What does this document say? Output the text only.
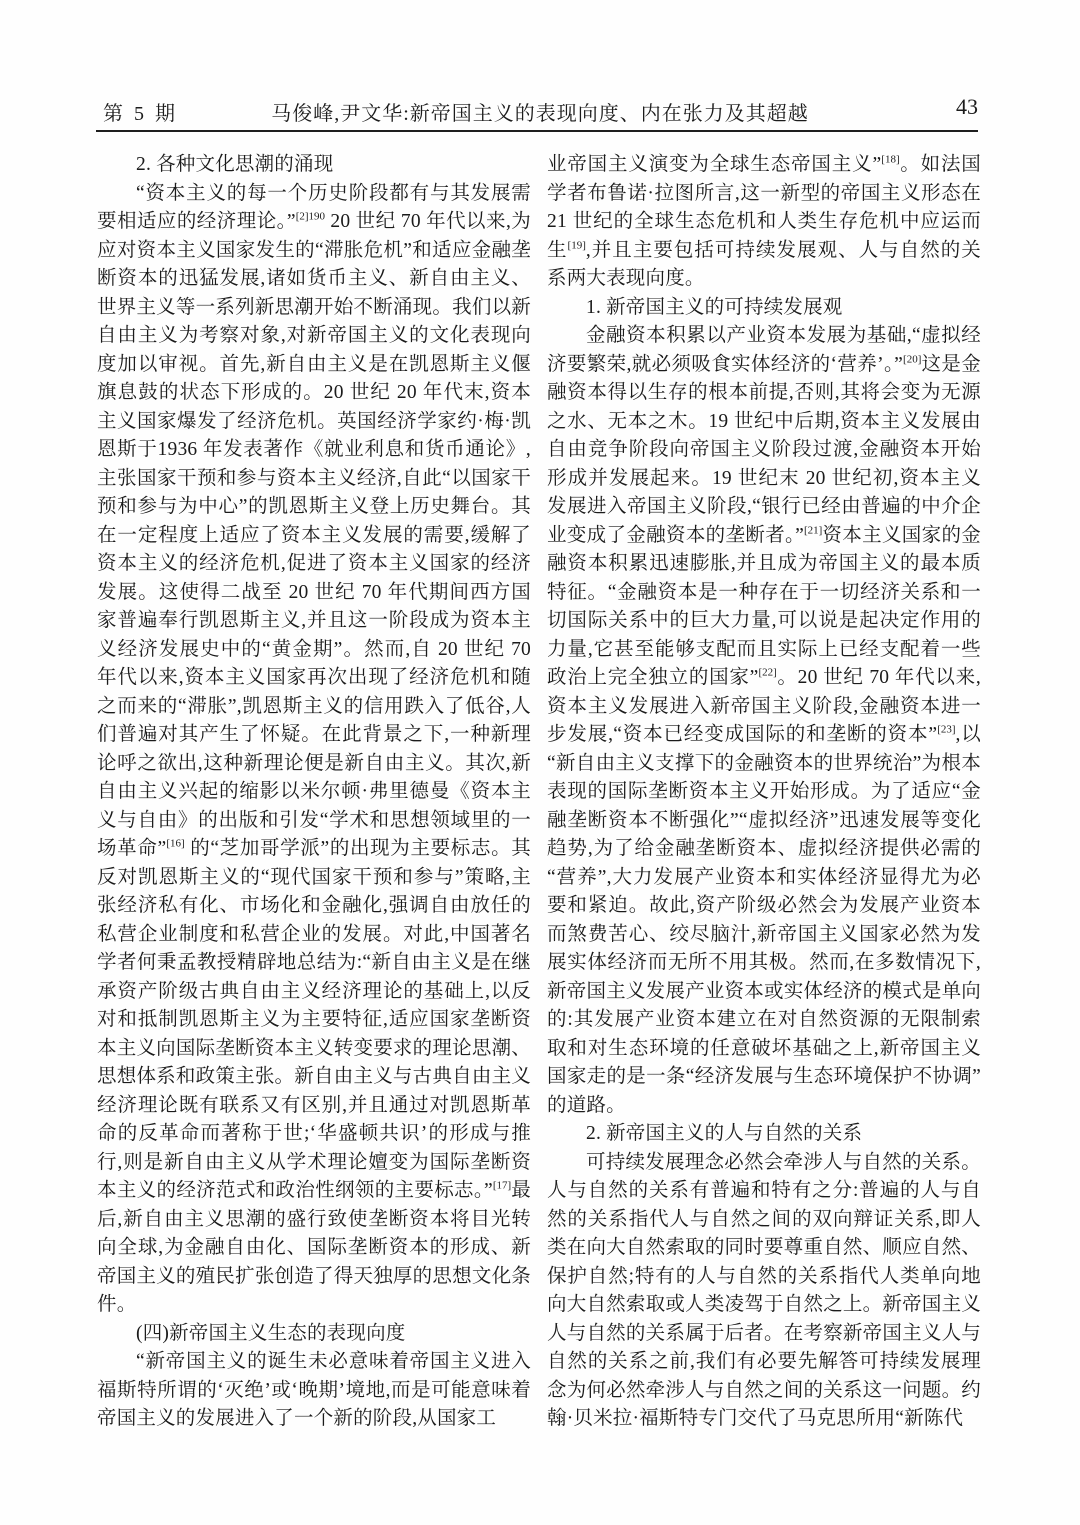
第 5 期	马俊峰,尹文华:新帝国主义的表现向度、内在张力及其超越	43

2. 各种文化思潮的涌现

“资本主义的每一个历史阶段都有与其发展需要相适应的经济理论。”$^{[2]190}$ 20 世纪 70 年代以来,为应对资本主义国家发生的“滞胀危机”和适应金融垄断资本的迅猛发展,诸如货币主义、新自由主义、世界主义等一系列新思潮开始不断涌现。我们以新自由主义为考察对象,对新帝国主义的文化表现向度加以审视。首先,新自由主义是在凯恩斯主义偃旗息鼓的状态下形成的。20 世纪 20 年代末,资本主义国家爆发了经济危机。英国经济学家约·梅·凯恩斯于1936 年发表著作《就业利息和货币通论》,主张国家干预和参与资本主义经济,自此“以国家干预和参与为中心”的凯恩斯主义登上历史舞台。其在一定程度上适应了资本主义发展的需要,缓解了资本主义的经济危机,促进了资本主义国家的经济发展。这使得二战至 20 世纪 70 年代期间西方国家普遍奉行凯恩斯主义,并且这一阶段成为资本主义经济发展史中的“黄金期”。然而,自 20 世纪 70 年代以来,资本主义国家再次出现了经济危机和随之而来的“滞胀”,凯恩斯主义的信用跌入了低谷,人们普遍对其产生了怀疑。在此背景之下,一种新理论呼之欲出,这种新理论便是新自由主义。其次,新自由主义兴起的缩影以米尔顿·弗里德曼《资本主义与自由》的出版和引发“学术和思想领域里的一场革命”[16] 的“芝加哥学派”的出现为主要标志。其反对凯恩斯主义的“现代国家干预和参与”策略,主张经济私有化、市场化和金融化,强调自由放任的私营企业制度和私营企业的发展。对此,中国著名学者何秉孟教授精辟地总结为:“新自由主义是在继承资产阶级古典自由主义经济理论的基础上,以反对和抵制凯恩斯主义为主要特征,适应国家垄断资本主义向国际垄断资本主义转变要求的理论思潮、思想体系和政策主张。新自由主义与古典自由主义经济理论既有联系又有区别,并且通过对凯恩斯革命的反革命而著称于世;‘华盛顿共识’的形成与推行,则是新自由主义从学术理论嬗变为国际垄断资本主义的经济范式和政治性纲领的主要标志。”[17]最后,新自由主义思潮的盛行致使垄断资本将目光转向全球,为金融自由化、国际垄断资本的形成、新帝国主义的殖民扩张创造了得天独厚的思想文化条件。

(四)新帝国主义生态的表现向度

“新帝国主义的诞生未必意味着帝国主义进入福斯特所谓的‘灭绝’或‘晚期’境地,而是可能意味着帝国主义的发展进入了一个新的阶段,从国家工

业帝国主义演变为全球生态帝国主义”[18]。如法国学者布鲁诺·拉图所言,这一新型的帝国主义形态在 21 世纪的全球生态危机和人类生存危机中应运而生[19],并且主要包括可持续发展观、人与自然的关系两大表现向度。

1. 新帝国主义的可持续发展观

金融资本积累以产业资本发展为基础,“虚拟经济要繁荣,就必须吸食实体经济的‘营养’。”[20]这是金融资本得以生存的根本前提,否则,其将会变为无源之水、无本之木。19 世纪中后期,资本主义发展由自由竞争阶段向帝国主义阶段过渡,金融资本开始形成并发展起来。19 世纪末 20 世纪初,资本主义发展进入帝国主义阶段,“银行已经由普遍的中介企业变成了金融资本的垄断者。”[21]资本主义国家的金融资本积累迅速膨胀,并且成为帝国主义的最本质特征。“金融资本是一种存在于一切经济关系和一切国际关系中的巨大力量,可以说是起决定作用的力量,它甚至能够支配而且实际上已经支配着一些政治上完全独立的国家”[22]。20 世纪 70 年代以来,资本主义发展进入新帝国主义阶段,金融资本进一步发展,“资本已经变成国际的和垄断的资本”[23],以“新自由主义支撑下的金融资本的世界统治”为根本表现的国际垄断资本主义开始形成。为了适应“金融垄断资本不断强化”“虚拟经济”迅速发展等变化趋势,为了给金融垄断资本、虚拟经济提供必需的“营养”,大力发展产业资本和实体经济显得尤为必要和紧迫。故此,资产阶级必然会为发展产业资本而煞费苦心、绞尽脑汁,新帝国主义国家必然为发展实体经济而无所不用其极。然而,在多数情况下,新帝国主义发展产业资本或实体经济的模式是单向的:其发展产业资本建立在对自然资源的无限制索取和对生态环境的任意破坏基础之上,新帝国主义国家走的是一条“经济发展与生态环境保护不协调”的道路。

2. 新帝国主义的人与自然的关系

可持续发展理念必然会牵涉人与自然的关系。人与自然的关系有普遍和特有之分:普遍的人与自然的关系指代人与自然之间的双向辩证关系,即人类在向大自然索取的同时要尊重自然、顺应自然、保护自然;特有的人与自然的关系指代人类单向地向大自然索取或人类凌驾于自然之上。新帝国主义人与自然的关系属于后者。在考察新帝国主义人与自然的关系之前,我们有必要先解答可持续发展理念为何必然牵涉人与自然之间的关系这一问题。约翰·贝米拉·福斯特专门交代了马克思所用“新陈代
